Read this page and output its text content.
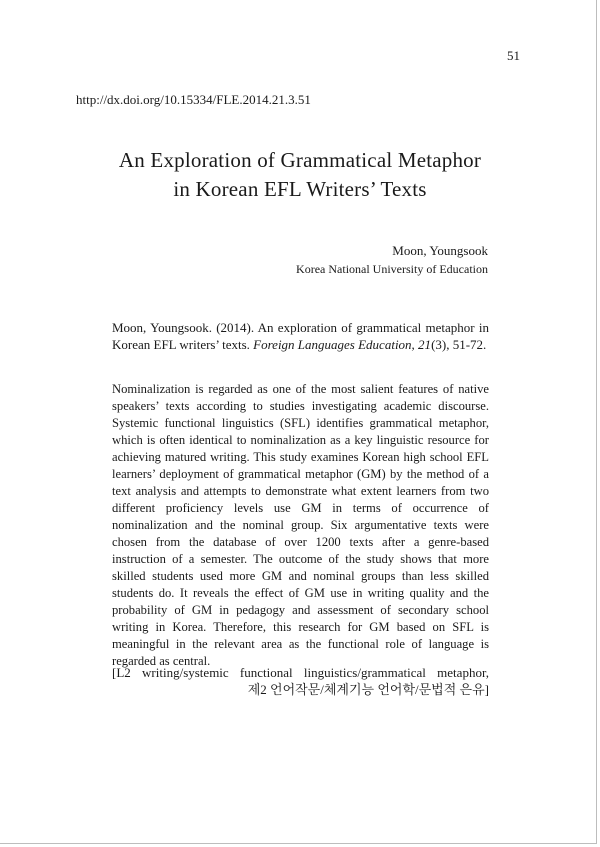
51
http://dx.doi.org/10.15334/FLE.2014.21.3.51
An Exploration of Grammatical Metaphor
in Korean EFL Writers’ Texts
Moon, Youngsook
Korea National University of Education
Moon, Youngsook. (2014). An exploration of grammatical metaphor in Korean EFL writers’ texts. Foreign Languages Education, 21(3), 51-72.
Nominalization is regarded as one of the most salient features of native speakers’ texts according to studies investigating academic discourse. Systemic functional linguistics (SFL) identifies grammatical metaphor, which is often identical to nominalization as a key linguistic resource for achieving matured writing. This study examines Korean high school EFL learners’ deployment of grammatical metaphor (GM) by the method of a text analysis and attempts to demonstrate what extent learners from two different proficiency levels use GM in terms of occurrence of nominalization and the nominal group. Six argumentative texts were chosen from the database of over 1200 texts after a genre-based instruction of a semester. The outcome of the study shows that more skilled students used more GM and nominal groups than less skilled students do. It reveals the effect of GM use in writing quality and the probability of GM in pedagogy and assessment of secondary school writing in Korea. Therefore, this research for GM based on SFL is meaningful in the relevant area as the functional role of language is regarded as central.
[L2 writing/systemic functional linguistics/grammatical metaphor,
제2 언어작문/체계기능 언어학/문법적 은유]
